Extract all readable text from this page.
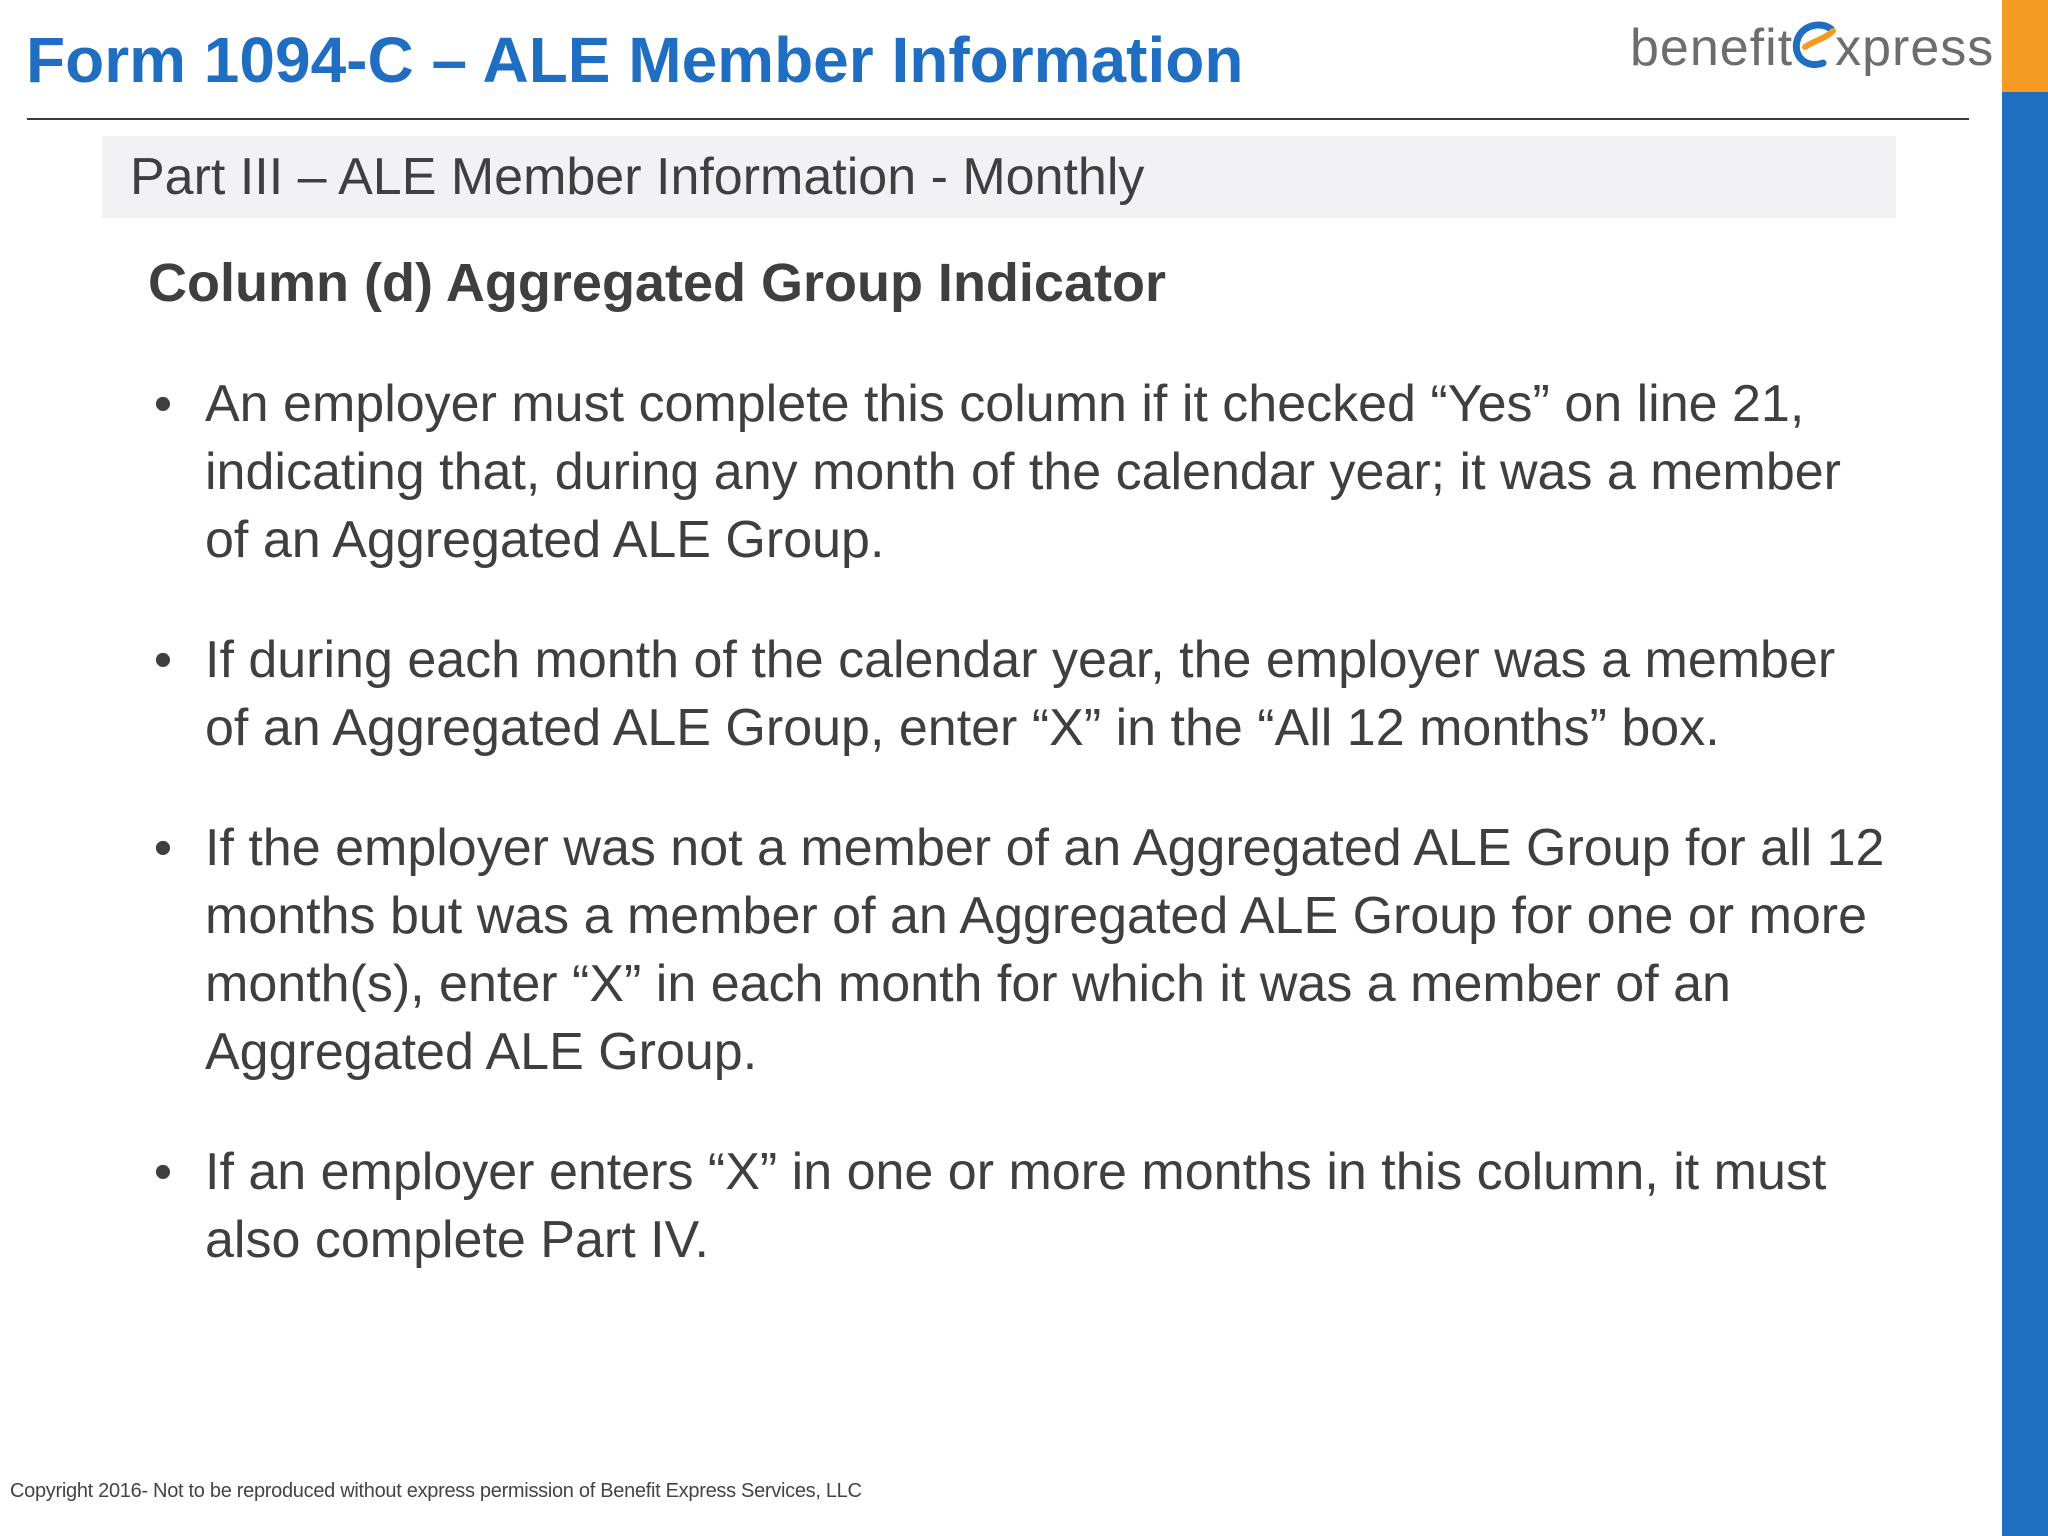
Form 1094-C – ALE Member Information	benefit xpress
Part III – ALE Member Information - Monthly
Column (d) Aggregated Group Indicator
• An employer must complete this column if it checked “Yes” on line 21, indicating that, during any month of the calendar year; it was a member of an Aggregated ALE Group.
• If during each month of the calendar year, the employer was a member of an Aggregated ALE Group, enter “X” in the “All 12 months” box.
• If the employer was not a member of an Aggregated ALE Group for all 12 months but was a member of an Aggregated ALE Group for one or more month(s), enter “X” in each month for which it was a member of an Aggregated ALE Group.
• If an employer enters “X” in one or more months in this column, it must also complete Part IV.
Copyright 2016- Not to be reproduced without express permission of Benefit Express Services, LLC
